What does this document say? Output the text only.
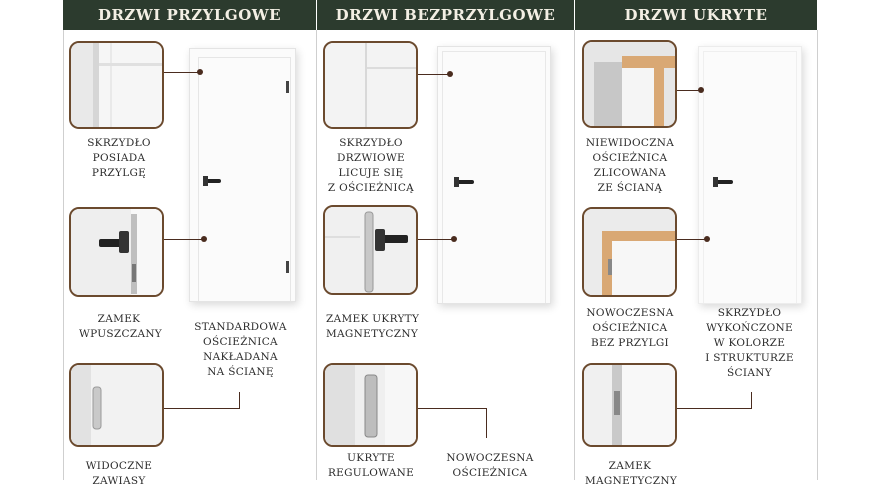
DRZWI PRZYLGOWE	DRZWI BEZPRZYLGOWE	DRZWI UKRYTE
SKRZYDŁO
POSIADA
PRZYLGĘ
ZAMEK
WPUSZCZANY
WIDOCZNE
ZAWIASY
STANDARDOWA
OŚCIEŻNICA
NAKŁADANA
NA ŚCIANĘ
SKRZYDŁO
DRZWIOWE
LICUJE SIĘ
Z OŚCIEŻNICĄ
ZAMEK UKRYTY
MAGNETYCZNY
UKRYTE
REGULOWANE
NOWOCZESNA
OŚCIEŻNICA
NIEWIDOCZNA
OŚCIEŻNICA
ZLICOWANA
ZE ŚCIANĄ
NOWOCZESNA
OŚCIEŻNICA
BEZ PRZYLGI
ZAMEK
MAGNETYCZNY
SKRZYDŁO
WYKOŃCZONE
W KOLORZE
I STRUKTURZE
ŚCIANY
